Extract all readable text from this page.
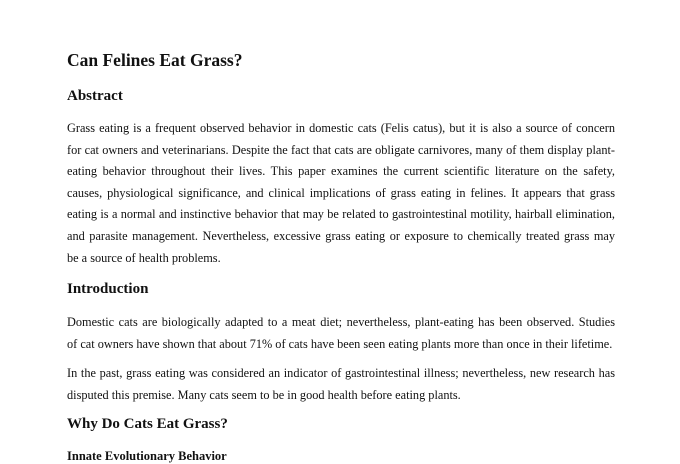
Can Felines Eat Grass?
Abstract

Grass eating is a frequent observed behavior in domestic cats (Felis catus), but it is also a source of concern
for cat owners and veterinarians. Despite the fact that cats are obligate carnivores, many of them display plant-
eating behavior throughout their lives. This paper examines the current scientific literature on the safety,
causes, physiological significance, and clinical implications of grass eating in felines. It appears that grass
eating is a normal and instinctive behavior that may be related to gastrointestinal motility, hairball elimination,
and parasite management. Nevertheless, excessive grass eating or exposure to chemically treated grass may
be a source of health problems.

Introduction

Domestic cats are biologically adapted to a meat diet; nevertheless, plant-eating has been observed. Studies
of cat owners have shown that about 71% of cats have been seen eating plants more than once in their lifetime.

In the past, grass eating was considered an indicator of gastrointestinal illness; nevertheless, new research has
disputed this premise. Many cats seem to be in good health before eating plants.

Why Do Cats Eat Grass?
Innate Evolutionary Behavior
